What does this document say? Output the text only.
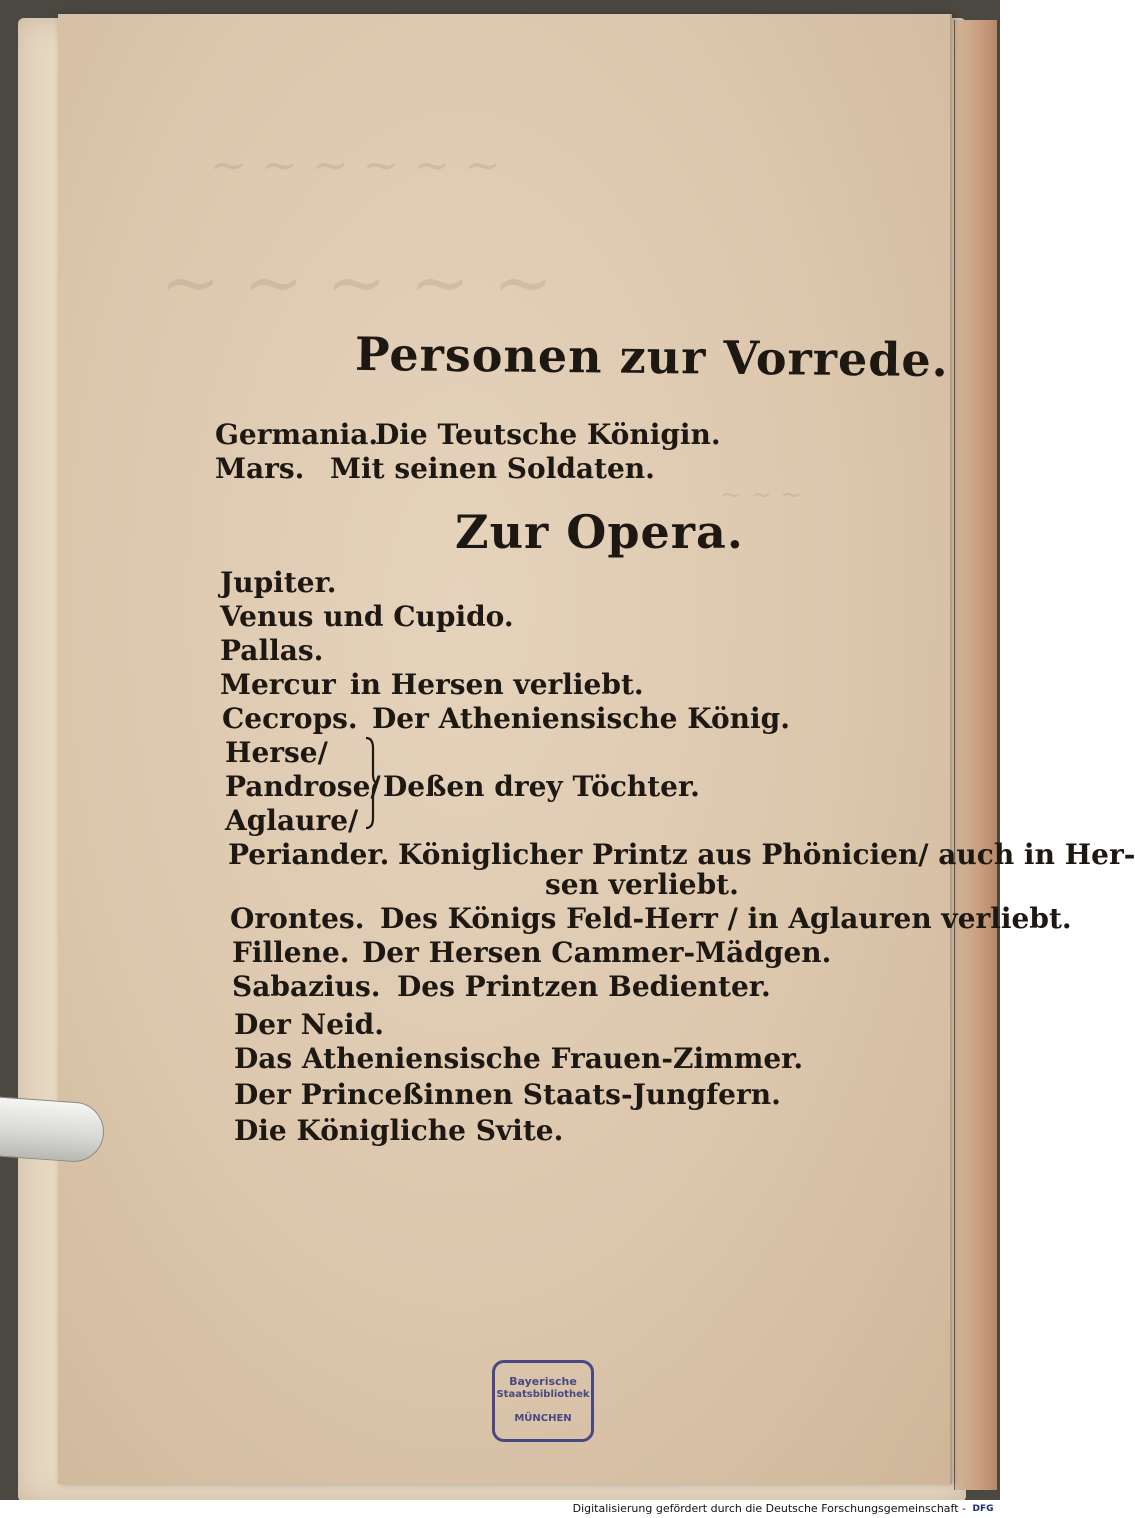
~ ~ ~ ~ ~ ~
~ ~ ~ ~ ~
~ ~ ~
Personen zur Vorrede.
Germania.
Die Teutsche Königin.
Mars. Mit seinen Soldaten.
Zur Opera.
Jupiter.
Venus und Cupido.
Pallas.
Mercur in Hersen verliebt.
Cecrops. Der Atheniensische König.
Herse/
Pandrose/ Deßen drey Töchter.
Aglaure/
Periander. Königlicher Printz aus Phönicien/ auch in Her-
sen verliebt.
Orontes. Des Königs Feld-Herr / in Aglauren verliebt.
Fillene. Der Hersen Cammer-Mädgen.
Sabazius. Des Printzen Bedienter.
Der Neid.
Das Atheniensische Frauen-Zimmer.
Der Princeßinnen Staats-Jungfern.
Die Königliche Svite.
Bayerische
Staatsbibliothek
MÜNCHEN
Digitalisierung gefördert durch die Deutsche Forschungsgemeinschaft - DFG
